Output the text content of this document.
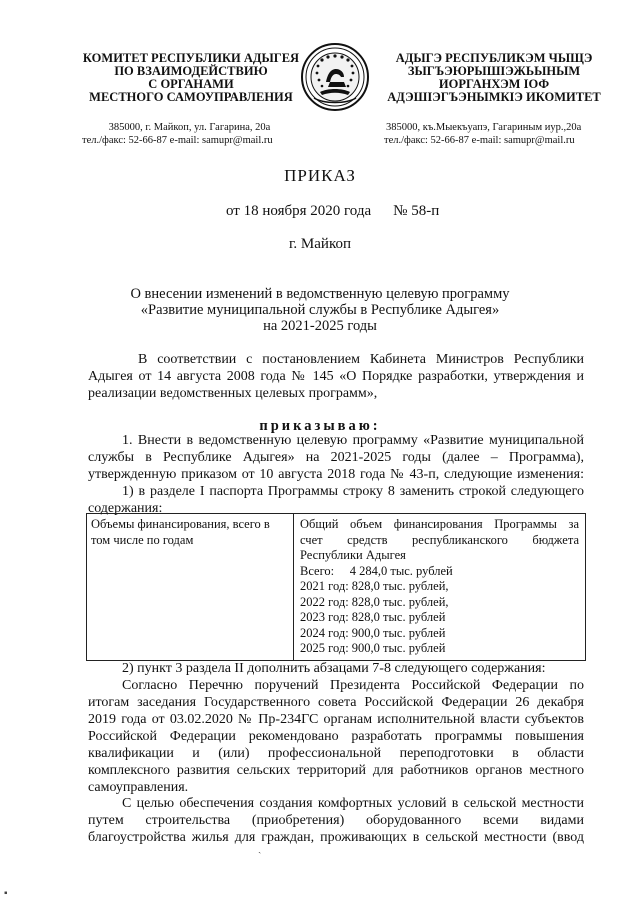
КОМИТЕТ РЕСПУБЛИКИ АДЫГЕЯ
ПО ВЗАИМОДЕЙСТВИЮ
С ОРГАНАМИ
МЕСТНОГО САМОУПРАВЛЕНИЯ
АДЫГЭ РЕСПУБЛИКЭМ ЧЫЩЭ
ЗЫГЪЭЮРЫШІЭЖЬЫНЫМ
ИОРГАНХЭМ ІОФ
АДЭШІЭГЪЭНЫМКІЭ ИКОМИТЕТ
385000, г. Майкоп, ул. Гагарина, 20а
тел./факс: 52-66-87 e-mail: samupr@mail.ru
385000, къ.Мыекъуапэ, Гагариным иур.,20а
тел./факс: 52-66-87 e-mail: samupr@mail.ru
ПРИКАЗ
от 18 ноября 2020 года № 58-п
г. Майкоп
О внесении изменений в ведомственную целевую программу
«Развитие муниципальной службы в Республике Адыгея»
на 2021-2025 годы
В соответствии с постановлением Кабинета Министров Республики
Адыгея от 14 августа 2008 года № 145 «О Порядке разработки, утверждения и
реализации ведомственных целевых программ»,
приказываю:
1. Внести в ведомственную целевую программу «Развитие муниципальной
службы в Республике Адыгея» на 2021-2025 годы (далее – Программа),
утвержденную приказом от 10 августа 2018 года № 43-п, следующие изменения:
1) в разделе I паспорта Программы строку 8 заменить строкой следующего
содержания:
Объемы финансирования, всего в
том числе по годам

Общий объем финансирования Программы за
счет средств республиканского бюджета
Республики Адыгея
Всего: 4 284,0 тыс. рублей
2021 год: 828,0 тыс. рублей,
2022 год: 828,0 тыс. рублей,
2023 год: 828,0 тыс. рублей
2024 год: 900,0 тыс. рублей
2025 год: 900,0 тыс. рублей
2) пункт 3 раздела II дополнить абзацами 7-8 следующего содержания:
Согласно Перечню поручений Президента Российской Федерации по
итогам заседания Государственного совета Российской Федерации 26 декабря
2019 года от 03.02.2020 № Пр-234ГС органам исполнительной власти субъектов
Российской Федерации рекомендовано разработать программы повышения
квалификации и (или) профессиональной переподготовки в области
комплексного развития сельских территорий для работников органов местного
самоуправления.
С целью обеспечения создания комфортных условий в сельской местности
путем строительства (приобретения) оборудованного всеми видами
благоустройства жилья для граждан, проживающих в сельской местности (ввод
ˎ
▪
